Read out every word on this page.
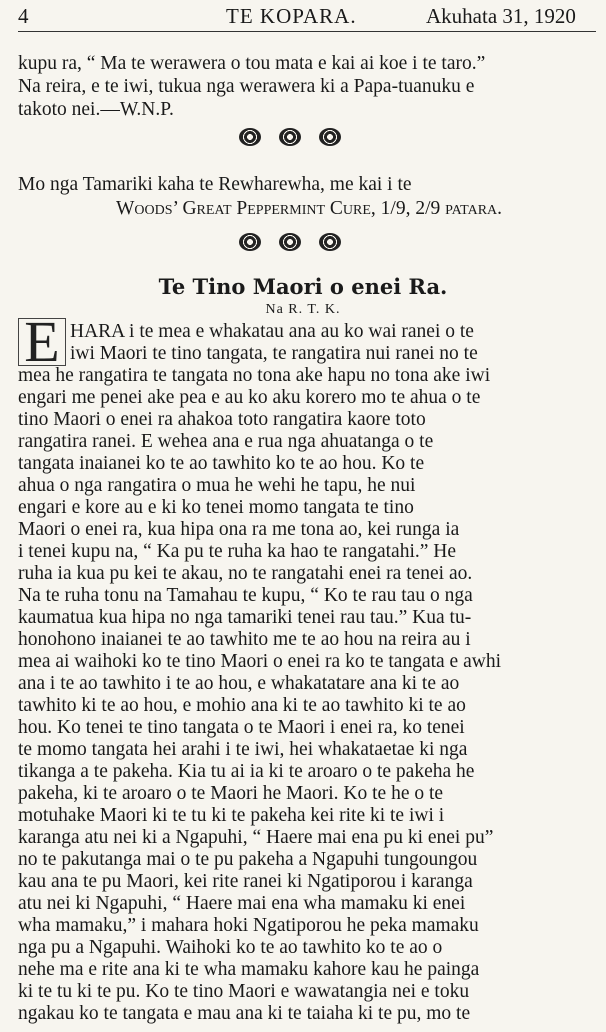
4	TE KOPARA.	Akuhata 31, 1920
kupu ra, “ Ma te werawera o tou mata e kai ai koe i te taro.”
Na reira, e te iwi, tukua nga werawera ki a Papa-tuanuku e
takoto nei.—W.N.P.
Mo nga Tamariki kaha te Rewharewha, me kai i te
Woods’ Great Peppermint Cure, 1/9, 2/9 patara.
Te Tino Maori o enei Ra.
Na R. T. K.
E HARA i te mea e whakatau ana au ko wai ranei o te
iwi Maori te tino tangata, te rangatira nui ranei no te
mea he rangatira te tangata no tona ake hapu no tona ake iwi
engari me penei ake pea e au ko aku korero mo te ahua o te
tino Maori o enei ra ahakoa toto rangatira kaore toto
rangatira ranei. E wehea ana e rua nga ahuatanga o te
tangata inaianei ko te ao tawhito ko te ao hou. Ko te
ahua o nga rangatira o mua he wehi he tapu, he nui
engari e kore au e ki ko tenei momo tangata te tino
Maori o enei ra, kua hipa ona ra me tona ao, kei runga ia
i tenei kupu na, “ Ka pu te ruha ka hao te rangatahi.” He
ruha ia kua pu kei te akau, no te rangatahi enei ra tenei ao.
Na te ruha tonu na Tamahau te kupu, “ Ko te rau tau o nga
kaumatua kua hipa no nga tamariki tenei rau tau.” Kua tu-
honohono inaianei te ao tawhito me te ao hou na reira au i
mea ai waihoki ko te tino Maori o enei ra ko te tangata e awhi
ana i te ao tawhito i te ao hou, e whakatatare ana ki te ao
tawhito ki te ao hou, e mohio ana ki te ao tawhito ki te ao
hou. Ko tenei te tino tangata o te Maori i enei ra, ko tenei
te momo tangata hei arahi i te iwi, hei whakataetae ki nga
tikanga a te pakeha. Kia tu ai ia ki te aroaro o te pakeha he
pakeha, ki te aroaro o te Maori he Maori. Ko te he o te
motuhake Maori ki te tu ki te pakeha kei rite ki te iwi i
karanga atu nei ki a Ngapuhi, “ Haere mai ena pu ki enei pu”
no te pakutanga mai o te pu pakeha a Ngapuhi tungoungou
kau ana te pu Maori, kei rite ranei ki Ngatiporou i karanga
atu nei ki Ngapuhi, “ Haere mai ena wha mamaku ki enei
wha mamaku,” i mahara hoki Ngatiporou he peka mamaku
nga pu a Ngapuhi. Waihoki ko te ao tawhito ko te ao o
nehe ma e rite ana ki te wha mamaku kahore kau he painga
ki te tu ki te pu. Ko te tino Maori e wawatangia nei e toku
ngakau ko te tangata e mau ana ki te taiaha ki te pu, mo te
